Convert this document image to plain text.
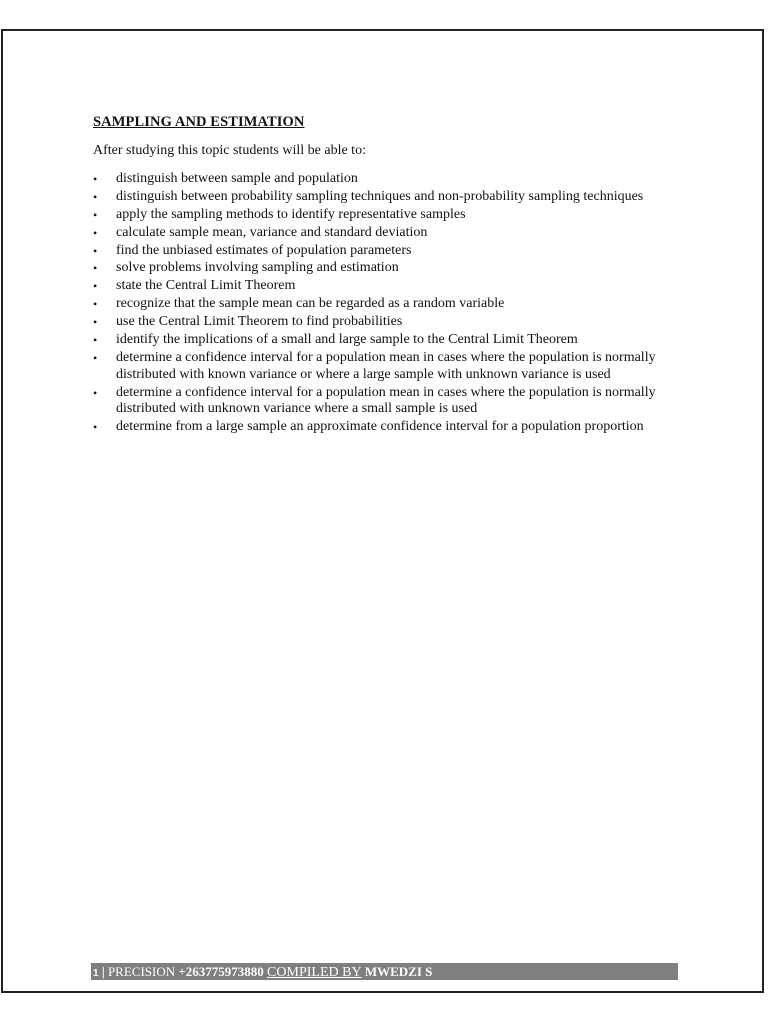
SAMPLING AND ESTIMATION
After studying this topic students will be able to:
• distinguish between sample and population
• distinguish between probability sampling techniques and non-probability sampling techniques
• apply the sampling methods to identify representative samples
• calculate sample mean, variance and standard deviation
• find the unbiased estimates of population parameters
• solve problems involving sampling and estimation
• state the Central Limit Theorem
• recognize that the sample mean can be regarded as a random variable
• use the Central Limit Theorem to find probabilities
• identify the implications of a small and large sample to the Central Limit Theorem
• determine a confidence interval for a population mean in cases where the population is normally distributed with known variance or where a large sample with unknown variance is used
• determine a confidence interval for a population mean in cases where the population is normally distributed with unknown variance where a small sample is used
• determine from a large sample an approximate confidence interval for a population proportion
1 | PRECISION +263775973880 COMPILED BY MWEDZI S
